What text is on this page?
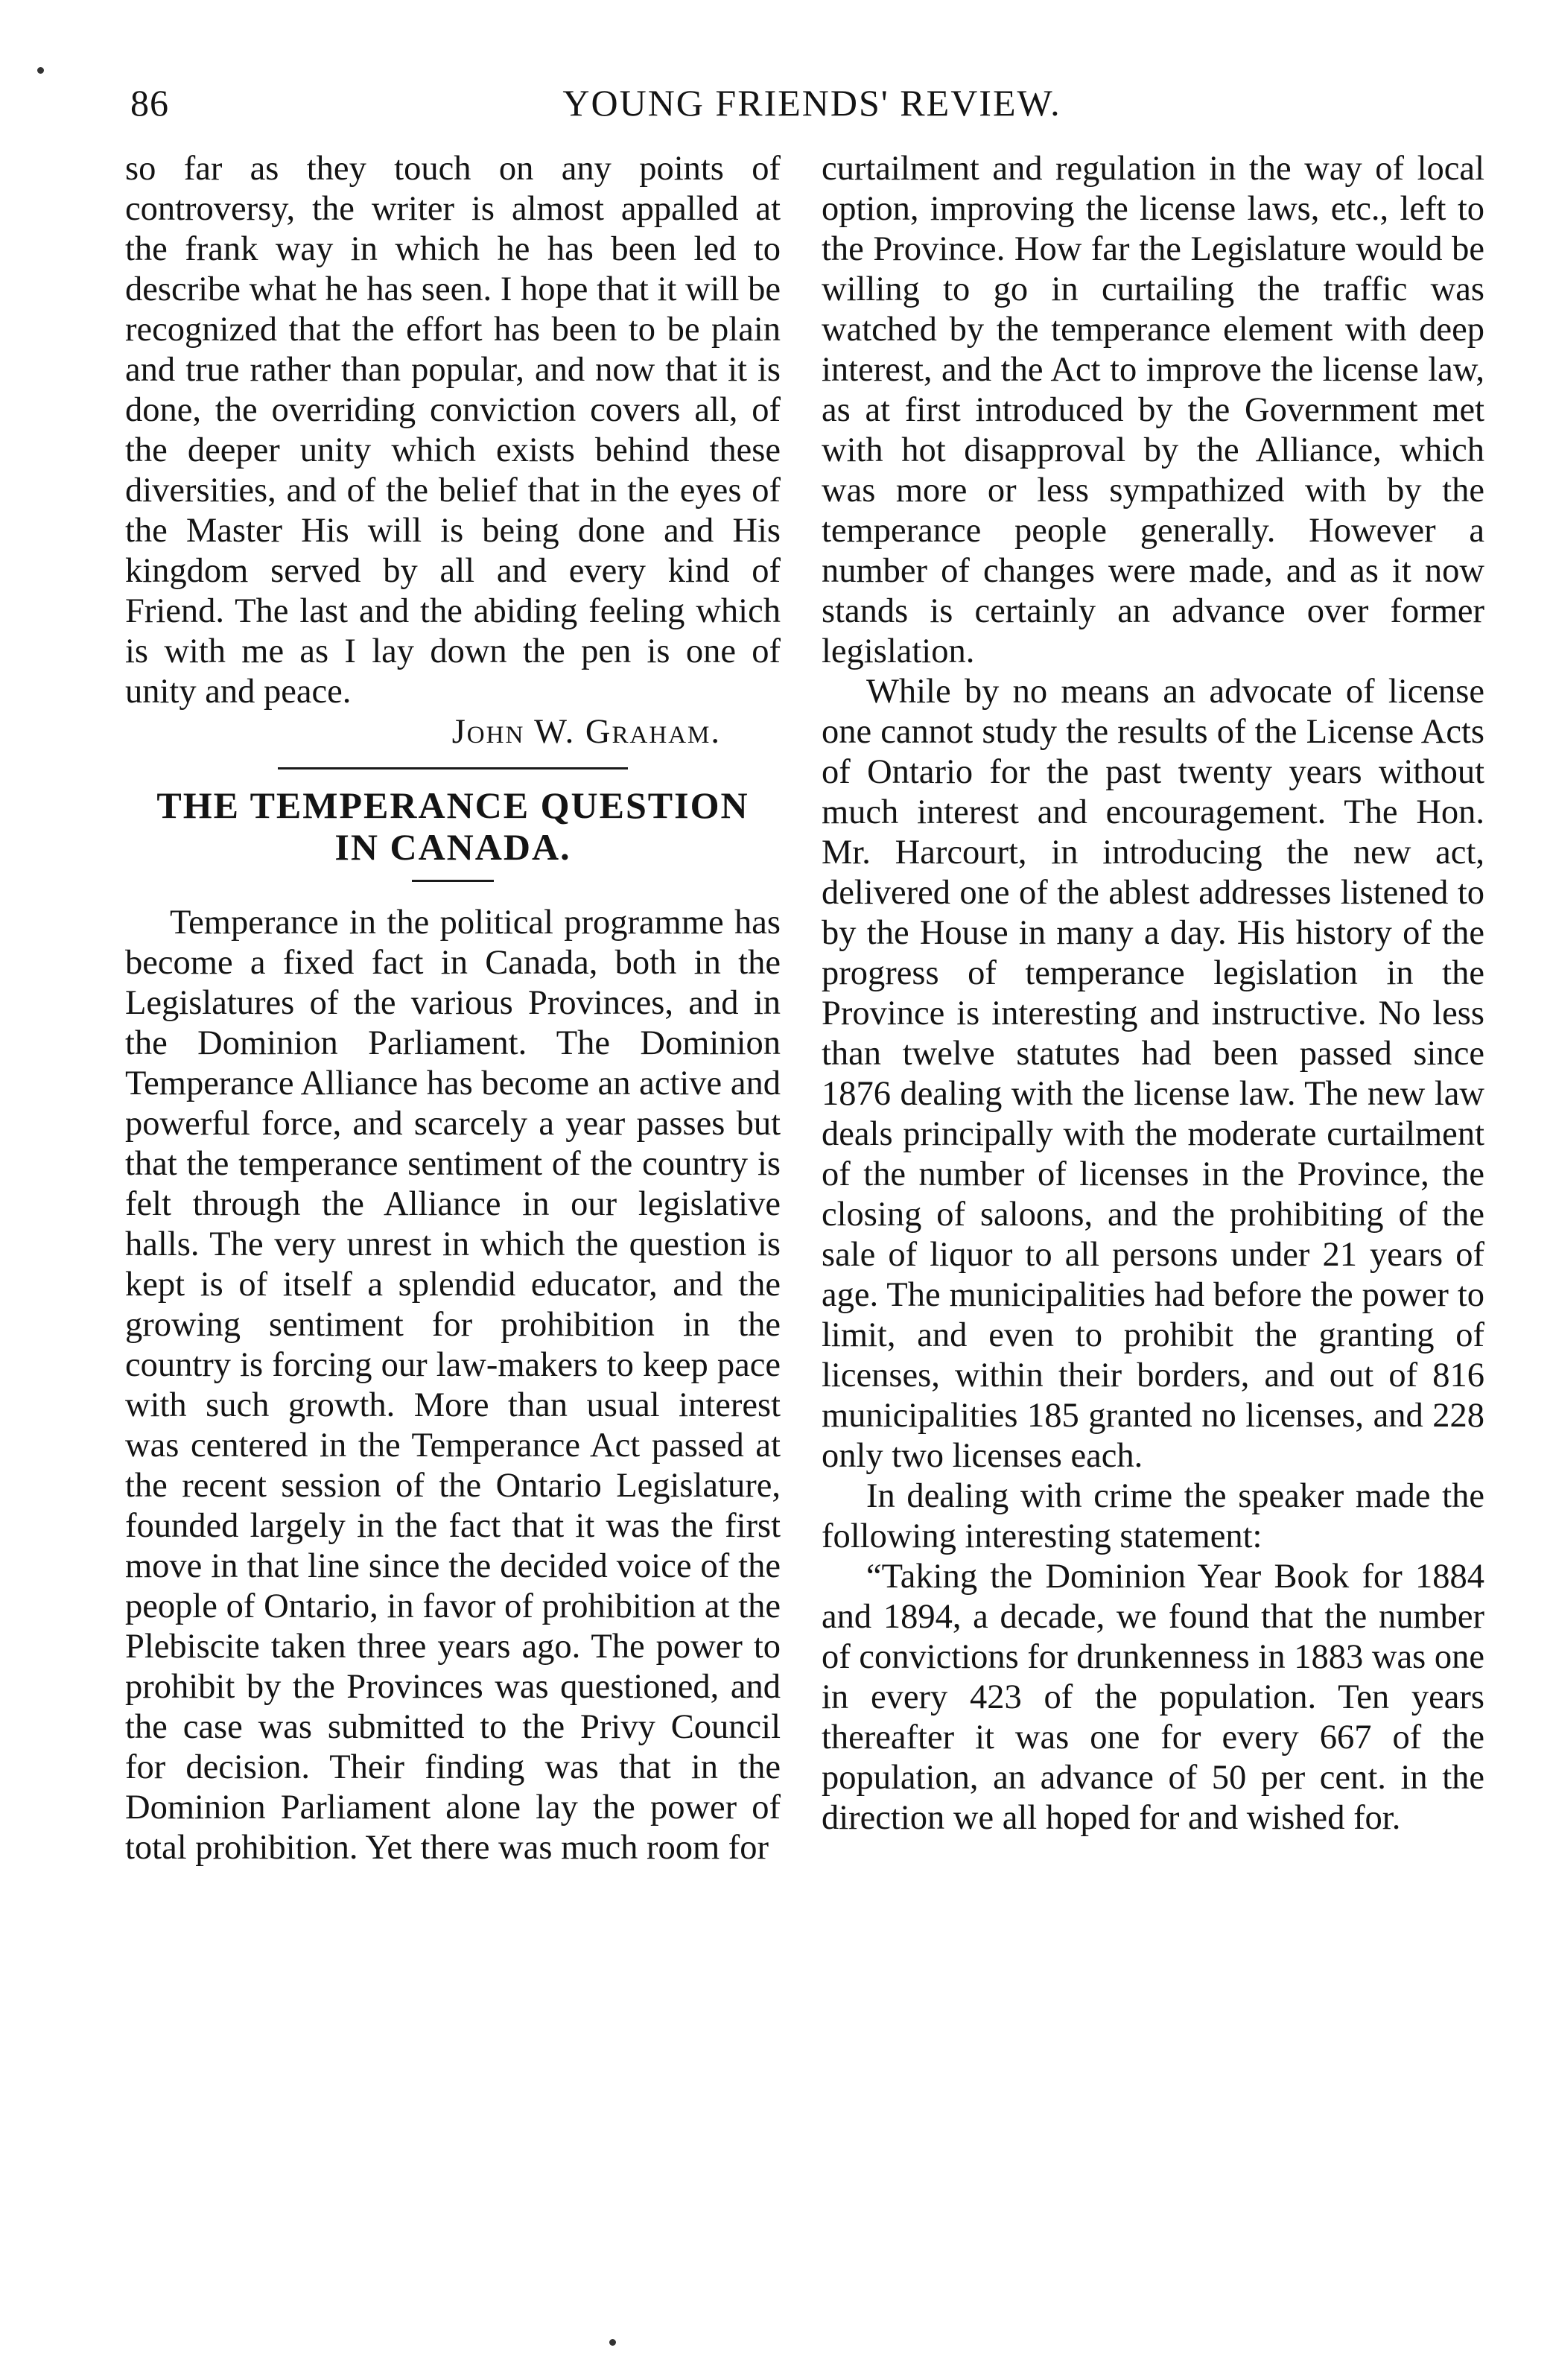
86	YOUNG FRIENDS' REVIEW.

so far as they touch on any points of controversy, the writer is almost appalled at the frank way in which he has been led to describe what he has seen. I hope that it will be recognized that the effort has been to be plain and true rather than popular, and now that it is done, the overriding conviction covers all, of the deeper unity which exists behind these diversities, and of the belief that in the eyes of the Master His will is being done and His kingdom served by all and every kind of Friend. The last and the abiding feeling which is with me as I lay down the pen is one of unity and peace.

John W. Graham.

THE TEMPERANCE QUESTION
IN CANADA.

Temperance in the political programme has become a fixed fact in Canada, both in the Legislatures of the various Provinces, and in the Dominion Parliament. The Dominion Temperance Alliance has become an active and powerful force, and scarcely a year passes but that the temperance sentiment of the country is felt through the Alliance in our legislative halls. The very unrest in which the question is kept is of itself a splendid educator, and the growing sentiment for prohibition in the country is forcing our law-makers to keep pace with such growth. More than usual interest was centered in the Temperance Act passed at the recent session of the Ontario Legislature, founded largely in the fact that it was the first move in that line since the decided voice of the people of Ontario, in favor of prohibition at the Plebiscite taken three years ago. The power to prohibit by the Provinces was questioned, and the case was submitted to the Privy Council for decision. Their finding was that in the Dominion Parliament alone lay the power of total prohibition. Yet there was much room for

curtailment and regulation in the way of local option, improving the license laws, etc., left to the Province. How far the Legislature would be willing to go in curtailing the traffic was watched by the temperance element with deep interest, and the Act to improve the license law, as at first introduced by the Government met with hot disapproval by the Alliance, which was more or less sympathized with by the temperance people generally. However a number of changes were made, and as it now stands is certainly an advance over former legislation.

While by no means an advocate of license one cannot study the results of the License Acts of Ontario for the past twenty years without much interest and encouragement. The Hon. Mr. Harcourt, in introducing the new act, delivered one of the ablest addresses listened to by the House in many a day. His history of the progress of temperance legislation in the Province is interesting and instructive. No less than twelve statutes had been passed since 1876 dealing with the license law. The new law deals principally with the moderate curtailment of the number of licenses in the Province, the closing of saloons, and the prohibiting of the sale of liquor to all persons under 21 years of age. The municipalities had before the power to limit, and even to prohibit the granting of licenses, within their borders, and out of 816 municipalities 185 granted no licenses, and 228 only two licenses each.

In dealing with crime the speaker made the following interesting statement:

“Taking the Dominion Year Book for 1884 and 1894, a decade, we found that the number of convictions for drunkenness in 1883 was one in every 423 of the population. Ten years thereafter it was one for every 667 of the population, an advance of 50 per cent. in the direction we all hoped for and wished for.
